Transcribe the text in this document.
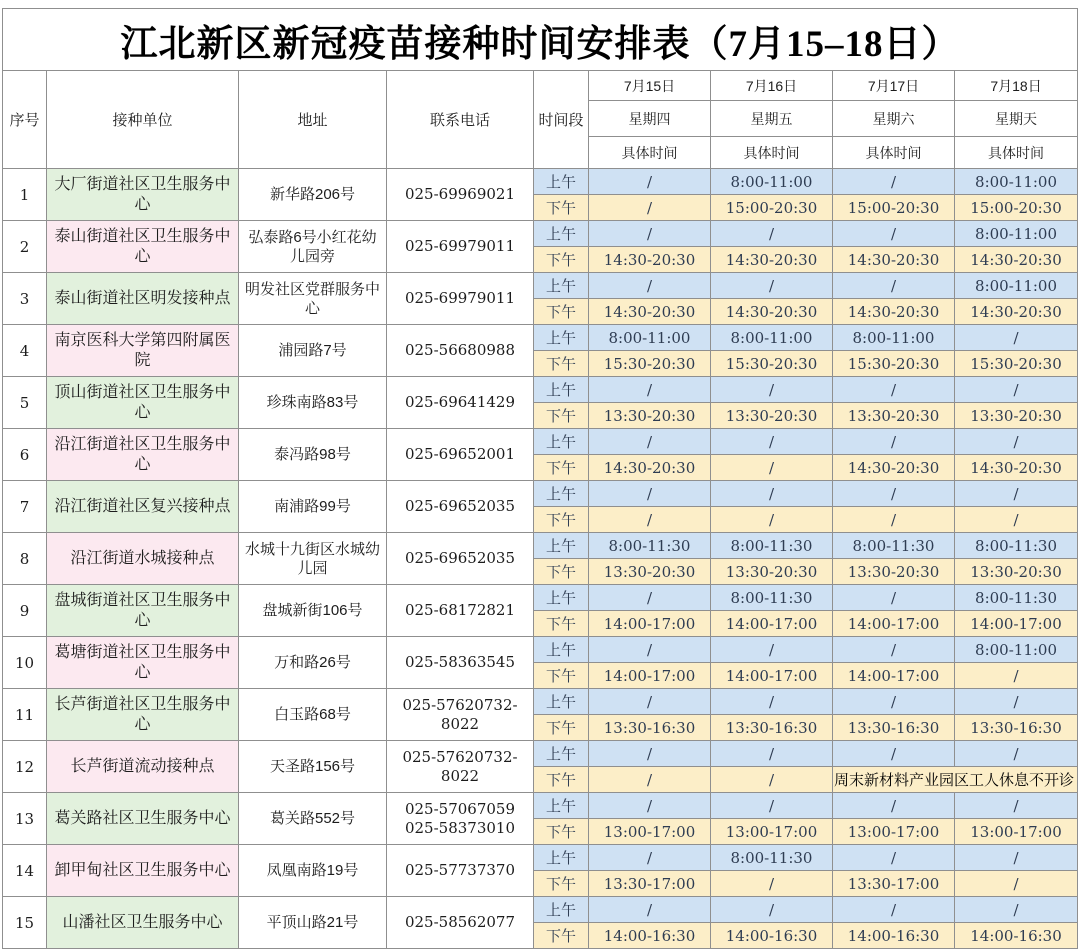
江北新区新冠疫苗接种时间安排表（7月15–18日）								
序号	接种单位	地址	联系电话	时间段	7月15日	7月16日	7月17日	7月18日
					星期四	星期五	星期六	星期天
					具体时间	具体时间	具体时间	具体时间
1	大厂街道社区卫生服务中心	新华路206号	025-69969021	上午	/	8:00-11:00	/	8:00-11:00
				下午	/	15:00-20:30	15:00-20:30	15:00-20:30
2	泰山街道社区卫生服务中心	弘泰路6号小红花幼儿园旁	025-69979011	上午	/	/	/	8:00-11:00
				下午	14:30-20:30	14:30-20:30	14:30-20:30	14:30-20:30
3	泰山街道社区明发接种点	明发社区党群服务中心	025-69979011	上午	/	/	/	8:00-11:00
				下午	14:30-20:30	14:30-20:30	14:30-20:30	14:30-20:30
4	南京医科大学第四附属医院	浦园路7号	025-56680988	上午	8:00-11:00	8:00-11:00	8:00-11:00	/
				下午	15:30-20:30	15:30-20:30	15:30-20:30	15:30-20:30
5	顶山街道社区卫生服务中心	珍珠南路83号	025-69641429	上午	/	/	/	/
				下午	13:30-20:30	13:30-20:30	13:30-20:30	13:30-20:30
6	沿江街道社区卫生服务中心	泰冯路98号	025-69652001	上午	/	/	/	/
				下午	14:30-20:30	/	14:30-20:30	14:30-20:30
7	沿江街道社区复兴接种点	南浦路99号	025-69652035	上午	/	/	/	/
				下午	/	/	/	/
8	沿江街道水城接种点	水城十九街区水城幼儿园	025-69652035	上午	8:00-11:30	8:00-11:30	8:00-11:30	8:00-11:30
				下午	13:30-20:30	13:30-20:30	13:30-20:30	13:30-20:30
9	盘城街道社区卫生服务中心	盘城新街106号	025-68172821	上午	/	8:00-11:30	/	8:00-11:30
				下午	14:00-17:00	14:00-17:00	14:00-17:00	14:00-17:00
10	葛塘街道社区卫生服务中心	万和路26号	025-58363545	上午	/	/	/	8:00-11:00
				下午	14:00-17:00	14:00-17:00	14:00-17:00	/
11	长芦街道社区卫生服务中心	白玉路68号	025-57620732-8022	上午	/	/	/	/
				下午	13:30-16:30	13:30-16:30	13:30-16:30	13:30-16:30
12	长芦街道流动接种点	天圣路156号	025-57620732-8022	上午	/	/	/	/
				下午	/	/	周末新材料产业园区工人休息不开诊	
13	葛关路社区卫生服务中心	葛关路552号	025-57067059
025-58373010	上午	/	/	/	/
				下午	13:00-17:00	13:00-17:00	13:00-17:00	13:00-17:00
14	卸甲甸社区卫生服务中心	凤凰南路19号	025-57737370	上午	/	8:00-11:30	/	/
				下午	13:30-17:00	/	13:30-17:00	/
15	山潘社区卫生服务中心	平顶山路21号	025-58562077	上午	/	/	/	/
				下午	14:00-16:30	14:00-16:30	14:00-16:30	14:00-16:30
